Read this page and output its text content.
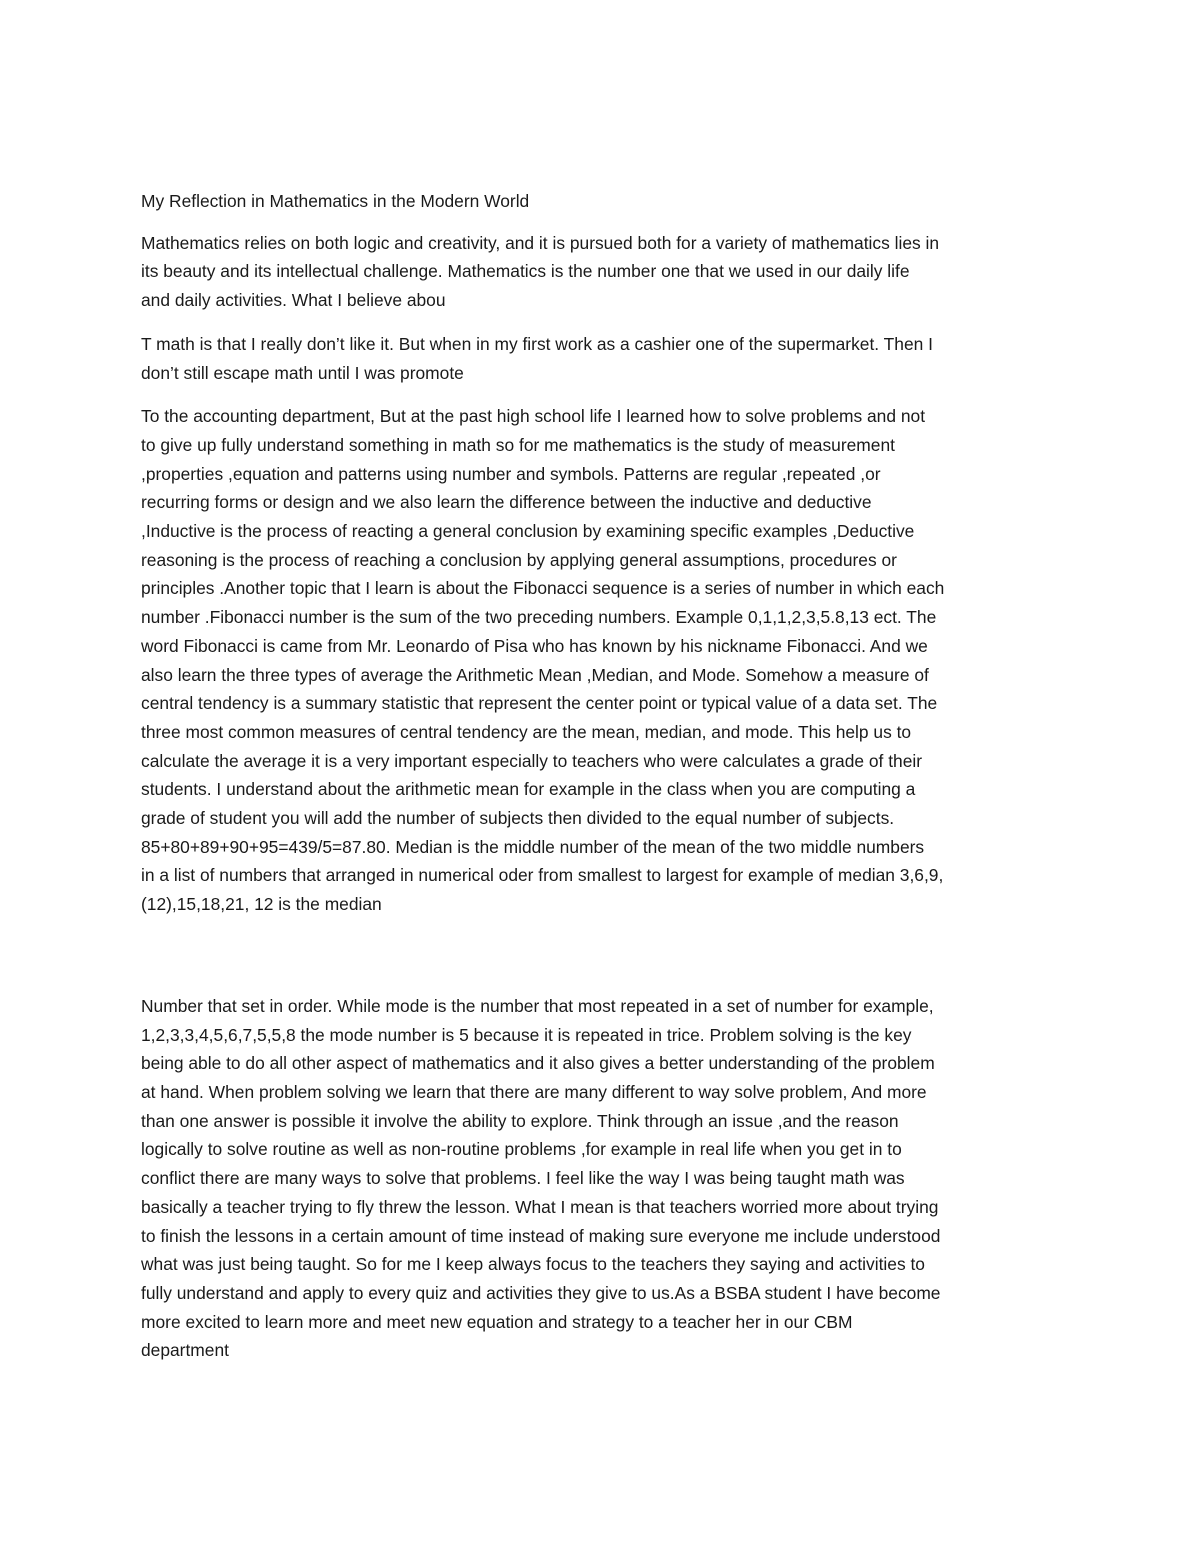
My Reflection in Mathematics in the Modern World

Mathematics relies on both logic and creativity, and it is pursued both for a variety of mathematics lies in
its beauty and its intellectual challenge. Mathematics is the number one that we used in our daily life
and daily activities. What I believe abou

T math is that I really don’t like it. But when in my first work as a cashier one of the supermarket. Then I
don’t still escape math until I was promote

To the accounting department, But at the past high school life I learned how to solve problems and not
to give up fully understand something in math so for me mathematics is the study of measurement
,properties ,equation and patterns using number and symbols. Patterns are regular ,repeated ,or
recurring forms or design and we also learn the difference between the inductive and deductive
,Inductive is the process of reacting a general conclusion by examining specific examples ,Deductive
reasoning is the process of reaching a conclusion by applying general assumptions, procedures or
principles .Another topic that I learn is about the Fibonacci sequence is a series of number in which each
number .Fibonacci number is the sum of the two preceding numbers. Example 0,1,1,2,3,5.8,13 ect. The
word Fibonacci is came from Mr. Leonardo of Pisa who has known by his nickname Fibonacci. And we
also learn the three types of average the Arithmetic Mean ,Median, and Mode. Somehow a measure of
central tendency is a summary statistic that represent the center point or typical value of a data set. The
three most common measures of central tendency are the mean, median, and mode. This help us to
calculate the average it is a very important especially to teachers who were calculates a grade of their
students. I understand about the arithmetic mean for example in the class when you are computing a
grade of student you will add the number of subjects then divided to the equal number of subjects.
85+80+89+90+95=439/5=87.80. Median is the middle number of the mean of the two middle numbers
in a list of numbers that arranged in numerical oder from smallest to largest for example of median 3,6,9,
(12),15,18,21, 12 is the median

Number that set in order. While mode is the number that most repeated in a set of number for example,
1,2,3,3,4,5,6,7,5,5,8 the mode number is 5 because it is repeated in trice. Problem solving is the key
being able to do all other aspect of mathematics and it also gives a better understanding of the problem
at hand. When problem solving we learn that there are many different to way solve problem, And more
than one answer is possible it involve the ability to explore. Think through an issue ,and the reason
logically to solve routine as well as non-routine problems ,for example in real life when you get in to
conflict there are many ways to solve that problems. I feel like the way I was being taught math was
basically a teacher trying to fly threw the lesson. What I mean is that teachers worried more about trying
to finish the lessons in a certain amount of time instead of making sure everyone me include understood
what was just being taught. So for me I keep always focus to the teachers they saying and activities to
fully understand and apply to every quiz and activities they give to us.As a BSBA student I have become
more excited to learn more and meet new equation and strategy to a teacher her in our CBM
department
